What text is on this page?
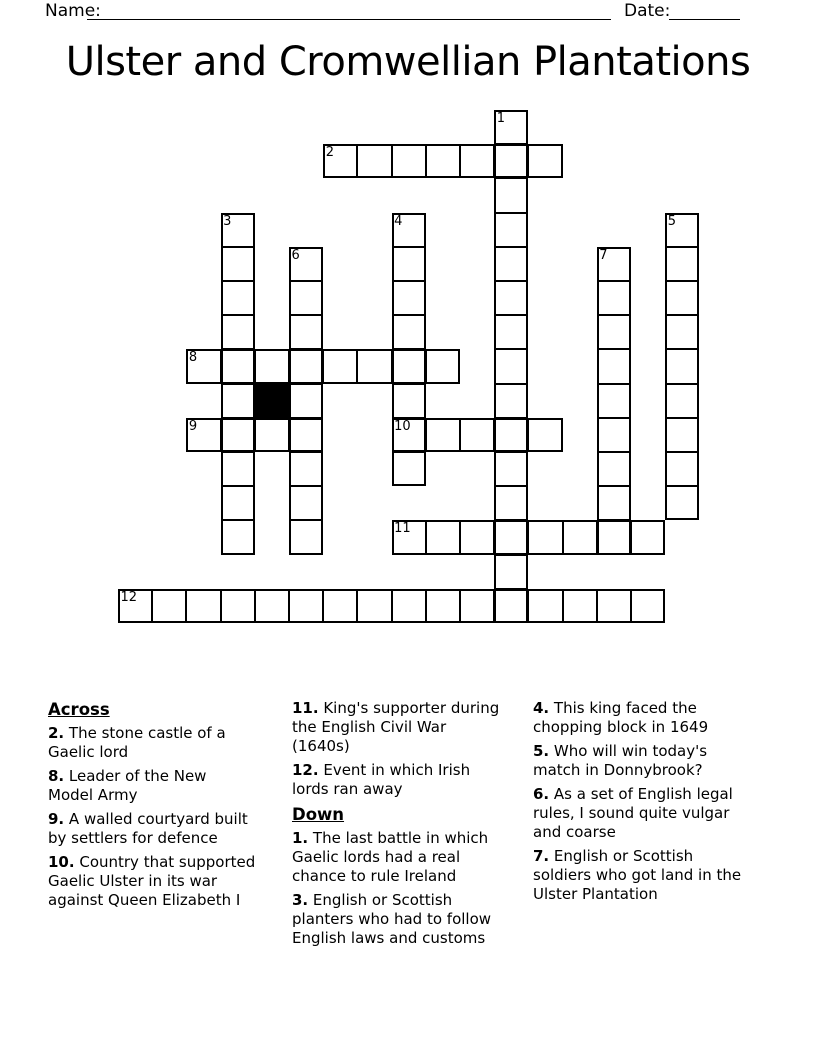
Name:	Date:
Ulster and Cromwellian Plantations
1
2
3	4
10
5
6	7
8
9
11
12
Across

2. The stone castle of a Gaelic lord

8. Leader of the New Model Army

9. A walled courtyard built by settlers for defence

10. Country that supported Gaelic Ulster in its war against Queen Elizabeth I

11. King's supporter during the English Civil War (1640s)

12. Event in which Irish lords ran away

Down

1. The last battle in which Gaelic lords had a real chance to rule Ireland

3. English or Scottish planters who had to follow English laws and customs

4. This king faced the chopping block in 1649

5. Who will win today's match in Donnybrook?

6. As a set of English legal rules, I sound quite vulgar and coarse

7. English or Scottish soldiers who got land in the Ulster Plantation
